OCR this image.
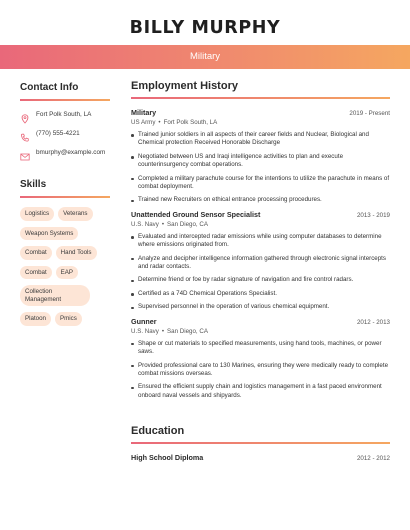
BILLY MURPHY
Military
Contact Info
Fort Polk South, LA
(770) 555-4221
bmurphy@example.com
Skills
Logistics	Veterans
Weapon Systems
Combat	Hand Tools
Combat	EAP
Collection Management
Platoon	Pmics
Employment History
Military	2019 - Present
US Army • Fort Polk South, LA
Trained junior soldiers in all aspects of their career fields and Nuclear, Biological and Chemical protection Received Honorable Discharge
Negotiated between US and Iraqi intelligence activities to plan and execute counterinsurgency combat operations.
Completed a military parachute course for the intentions to utilize the parachute in means of combat deployment.
Trained new Recruiters on ethical entrance processing procedures.
Unattended Ground Sensor Specialist	2013 - 2019
U.S. Navy • San Diego, CA
Evaluated and intercepted radar emissions while using computer databases to determine where emissions originated from.
Analyze and decipher intelligence information gathered through electronic signal intercepts and radar contacts.
Determine friend or foe by radar signature of navigation and fire control radars.
Certified as a 74D Chemical Operations Specialist.
Supervised personnel in the operation of various chemical equipment.
Gunner	2012 - 2013
U.S. Navy • San Diego, CA
Shape or cut materials to specified measurements, using hand tools, machines, or power saws.
Provided professional care to 130 Marines, ensuring they were medically ready to complete combat missions overseas.
Ensured the efficient supply chain and logistics management in a fast paced environment onboard naval vessels and shipyards.
Education
High School Diploma	2012 - 2012
